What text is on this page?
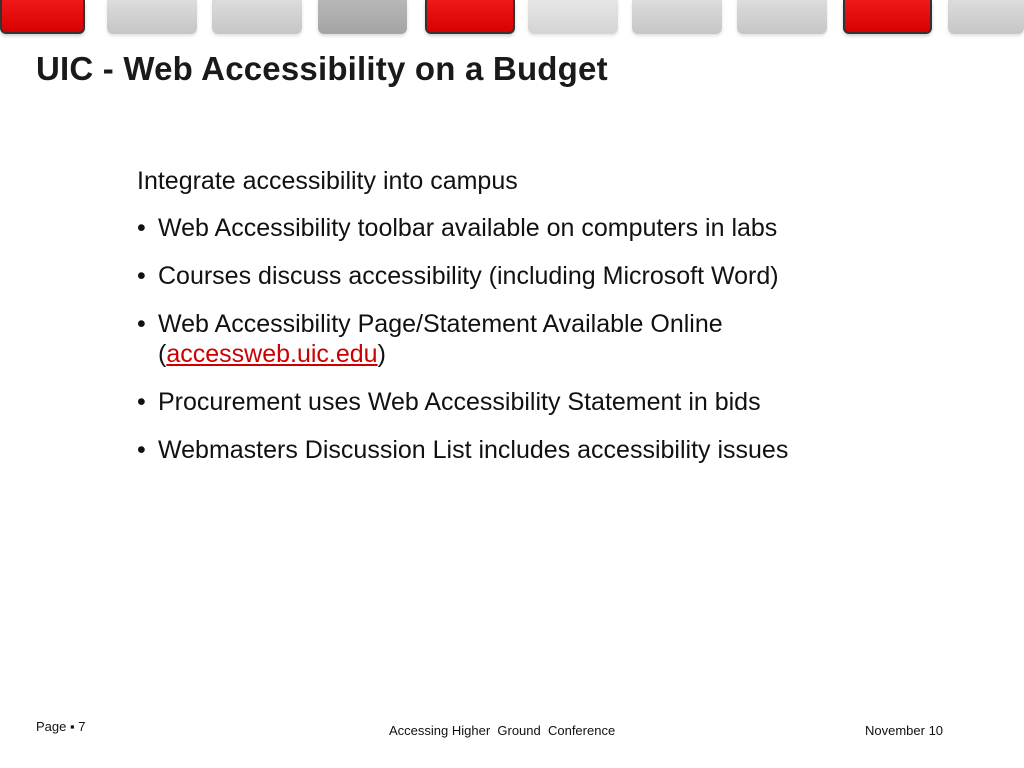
UIC - Web Accessibility on a Budget

Integrate accessibility into campus

• Web Accessibility toolbar available on computers in labs
• Courses discuss accessibility (including Microsoft Word)
• Web Accessibility Page/Statement Available Online
(accessweb.uic.edu)
• Procurement uses Web Accessibility Statement in bids
• Webmasters Discussion List includes accessibility issues
Page ▪ 7	Accessing Higher  Ground  Conference	November 10
